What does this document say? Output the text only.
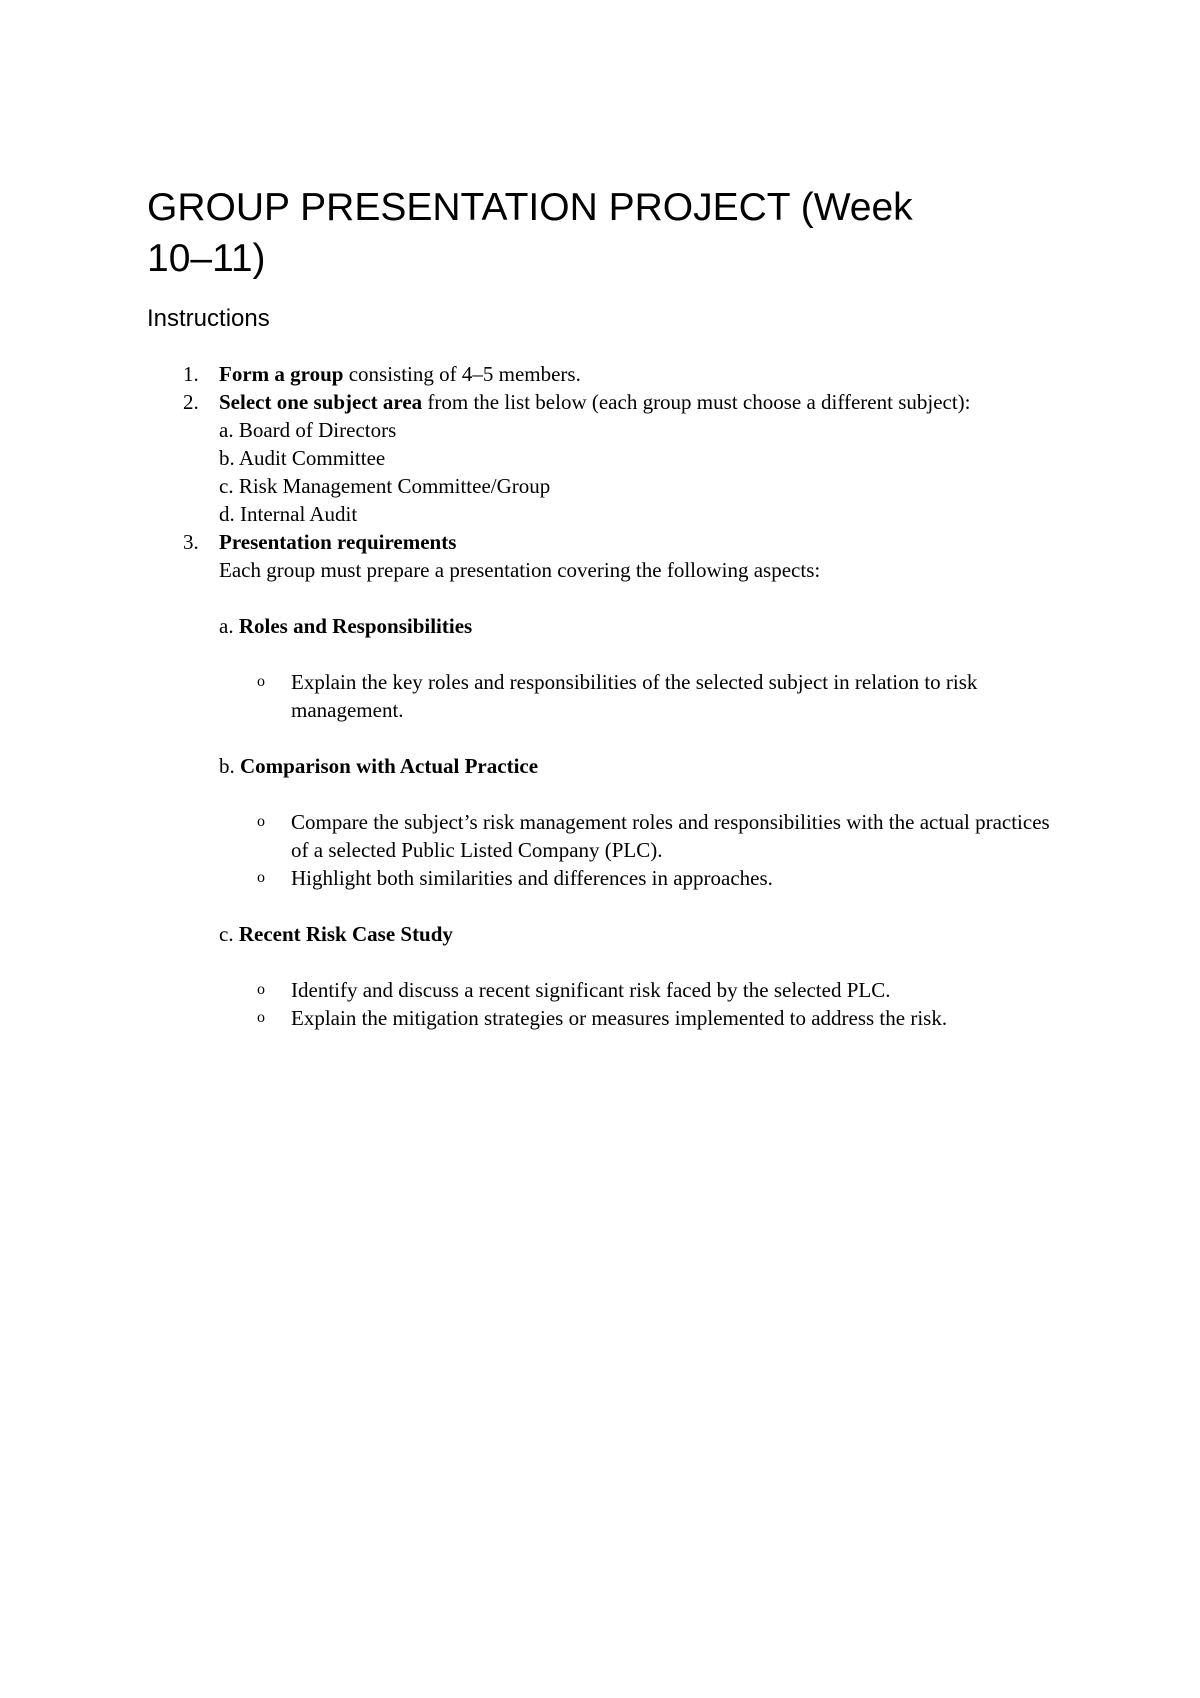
GROUP PRESENTATION PROJECT (Week 10–11)
Instructions
1. Form a group consisting of 4–5 members.
2. Select one subject area from the list below (each group must choose a different subject):
a. Board of Directors
b. Audit Committee
c. Risk Management Committee/Group
d. Internal Audit
3. Presentation requirements
Each group must prepare a presentation covering the following aspects:
a. Roles and Responsibilities
o Explain the key roles and responsibilities of the selected subject in relation to risk management.
b. Comparison with Actual Practice
o Compare the subject’s risk management roles and responsibilities with the actual practices of a selected Public Listed Company (PLC).
o Highlight both similarities and differences in approaches.
c. Recent Risk Case Study
o Identify and discuss a recent significant risk faced by the selected PLC.
o Explain the mitigation strategies or measures implemented to address the risk.
